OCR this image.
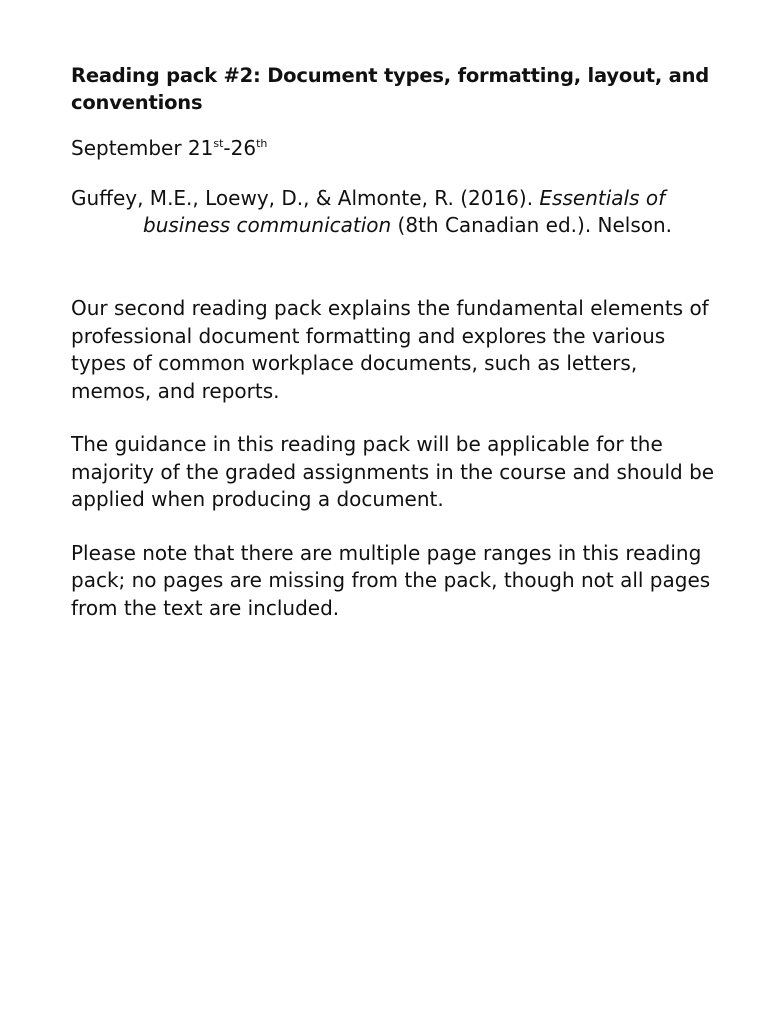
Reading pack #2: Document types, formatting, layout, and conventions

September 21st-26th

Guffey, M.E., Loewy, D., & Almonte, R. (2016). Essentials of business communication (8th Canadian ed.). Nelson.

Our second reading pack explains the fundamental elements of professional document formatting and explores the various types of common workplace documents, such as letters, memos, and reports.

The guidance in this reading pack will be applicable for the majority of the graded assignments in the course and should be applied when producing a document.

Please note that there are multiple page ranges in this reading pack; no pages are missing from the pack, though not all pages from the text are included.
